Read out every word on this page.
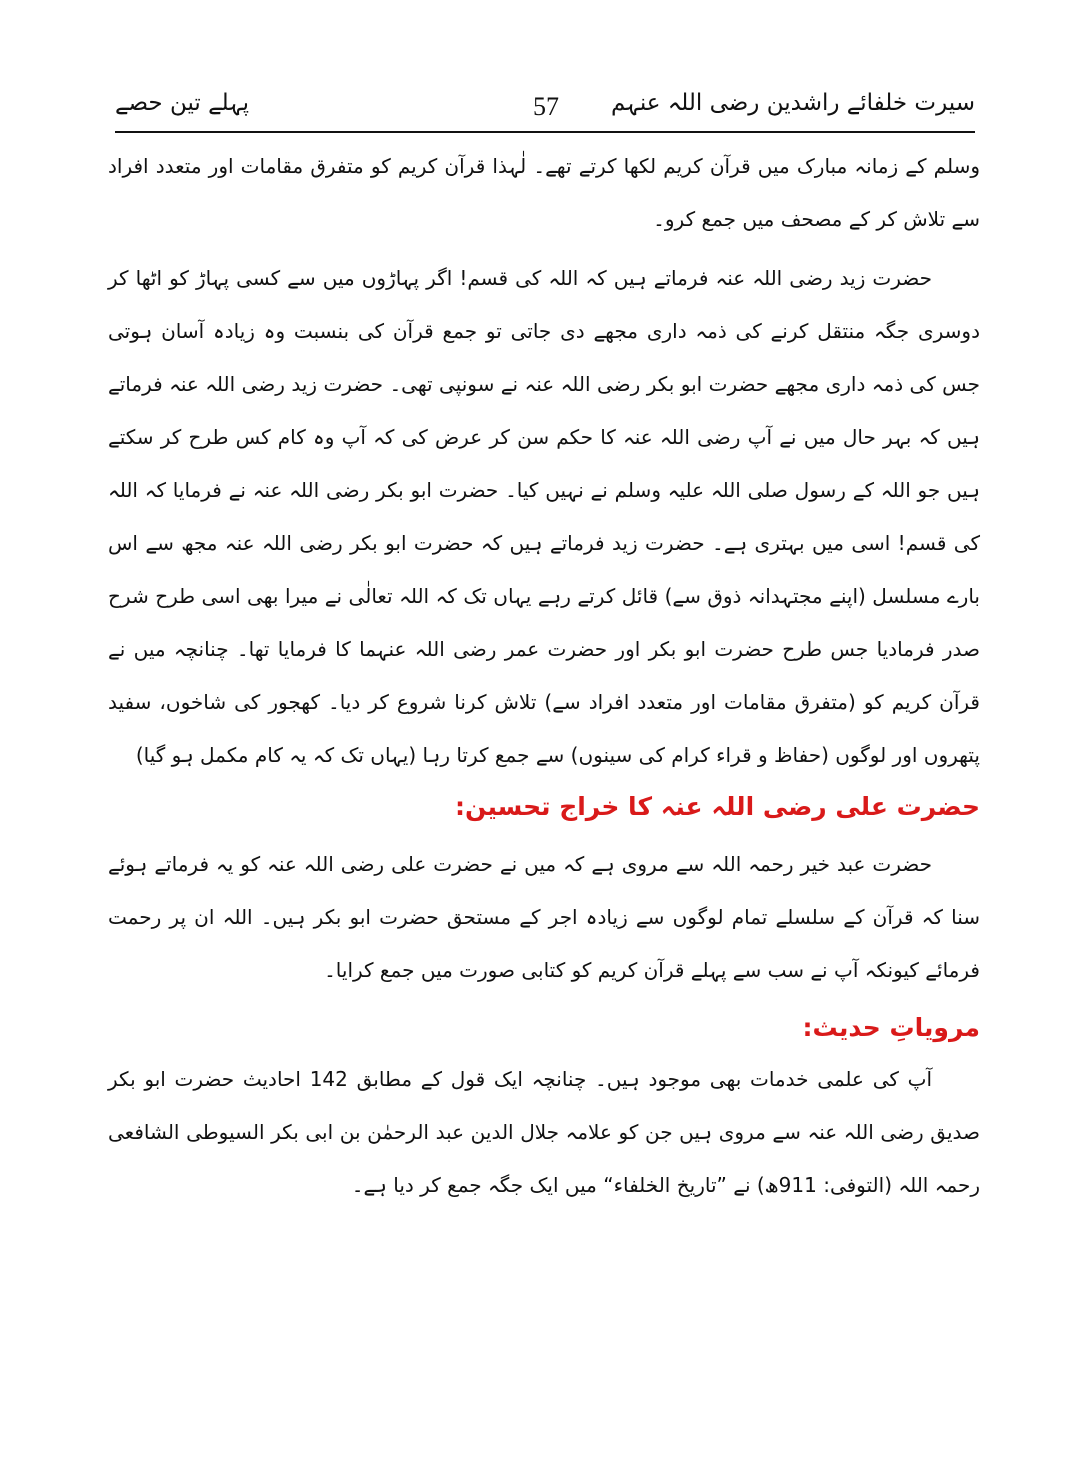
سیرت خلفائے راشدین رضی اللہ عنہم
57
پہلے تین حصے

وسلم کے زمانہ مبارک میں قرآن کریم لکھا کرتے تھے۔ لٰہذا قرآن کریم کو متفرق مقامات اور متعدد افراد سے تلاش کر کے مصحف میں جمع کرو۔

حضرت زید رضی اللہ عنہ فرماتے ہیں کہ اللہ کی قسم! اگر پہاڑوں میں سے کسی پہاڑ کو اٹھا کر دوسری جگہ منتقل کرنے کی ذمہ داری مجھے دی جاتی تو جمع قرآن کی بنسبت وہ زیادہ آسان ہوتی جس کی ذمہ داری مجھے حضرت ابو بکر رضی اللہ عنہ نے سونپی تھی۔ حضرت زید رضی اللہ عنہ فرماتے ہیں کہ بہر حال میں نے آپ رضی اللہ عنہ کا حکم سن کر عرض کی کہ آپ وہ کام کس طرح کر سکتے ہیں جو اللہ کے رسول صلی اللہ علیہ وسلم نے نہیں کیا۔ حضرت ابو بکر رضی اللہ عنہ نے فرمایا کہ اللہ کی قسم! اسی میں بہتری ہے۔ حضرت زید فرماتے ہیں کہ حضرت ابو بکر رضی اللہ عنہ مجھ سے اس بارے مسلسل (اپنے مجتہدانہ ذوق سے) قائل کرتے رہے یہاں تک کہ اللہ تعالٰی نے میرا بھی اسی طرح شرح صدر فرمادیا جس طرح حضرت ابو بکر اور حضرت عمر رضی اللہ عنہما کا فرمایا تھا۔ چنانچہ میں نے قرآن کریم کو (متفرق مقامات اور متعدد افراد سے) تلاش کرنا شروع کر دیا۔ کھجور کی شاخوں، سفید پتھروں اور لوگوں (حفاظ و قراء کرام کی سینوں) سے جمع کرتا رہا (یہاں تک کہ یہ کام مکمل ہو گیا)

حضرت علی رضی اللہ عنہ کا خراج تحسین:

حضرت عبد خیر رحمہ اللہ سے مروی ہے کہ میں نے حضرت علی رضی اللہ عنہ کو یہ فرماتے ہوئے سنا کہ قرآن کے سلسلے تمام لوگوں سے زیادہ اجر کے مستحق حضرت ابو بکر ہیں۔ اللہ ان پر رحمت فرمائے کیونکہ آپ نے سب سے پہلے قرآن کریم کو کتابی صورت میں جمع کرایا۔

مرویاتِ حدیث:

آپ کی علمی خدمات بھی موجود ہیں۔ چنانچہ ایک قول کے مطابق 142 احادیث حضرت ابو بکر صدیق رضی اللہ عنہ سے مروی ہیں جن کو علامہ جلال الدین عبد الرحمٰن بن ابی بکر السیوطی الشافعی رحمہ اللہ (التوفی: 911ھ) نے ”تاریخ الخلفاء“ میں ایک جگہ جمع کر دیا ہے۔
